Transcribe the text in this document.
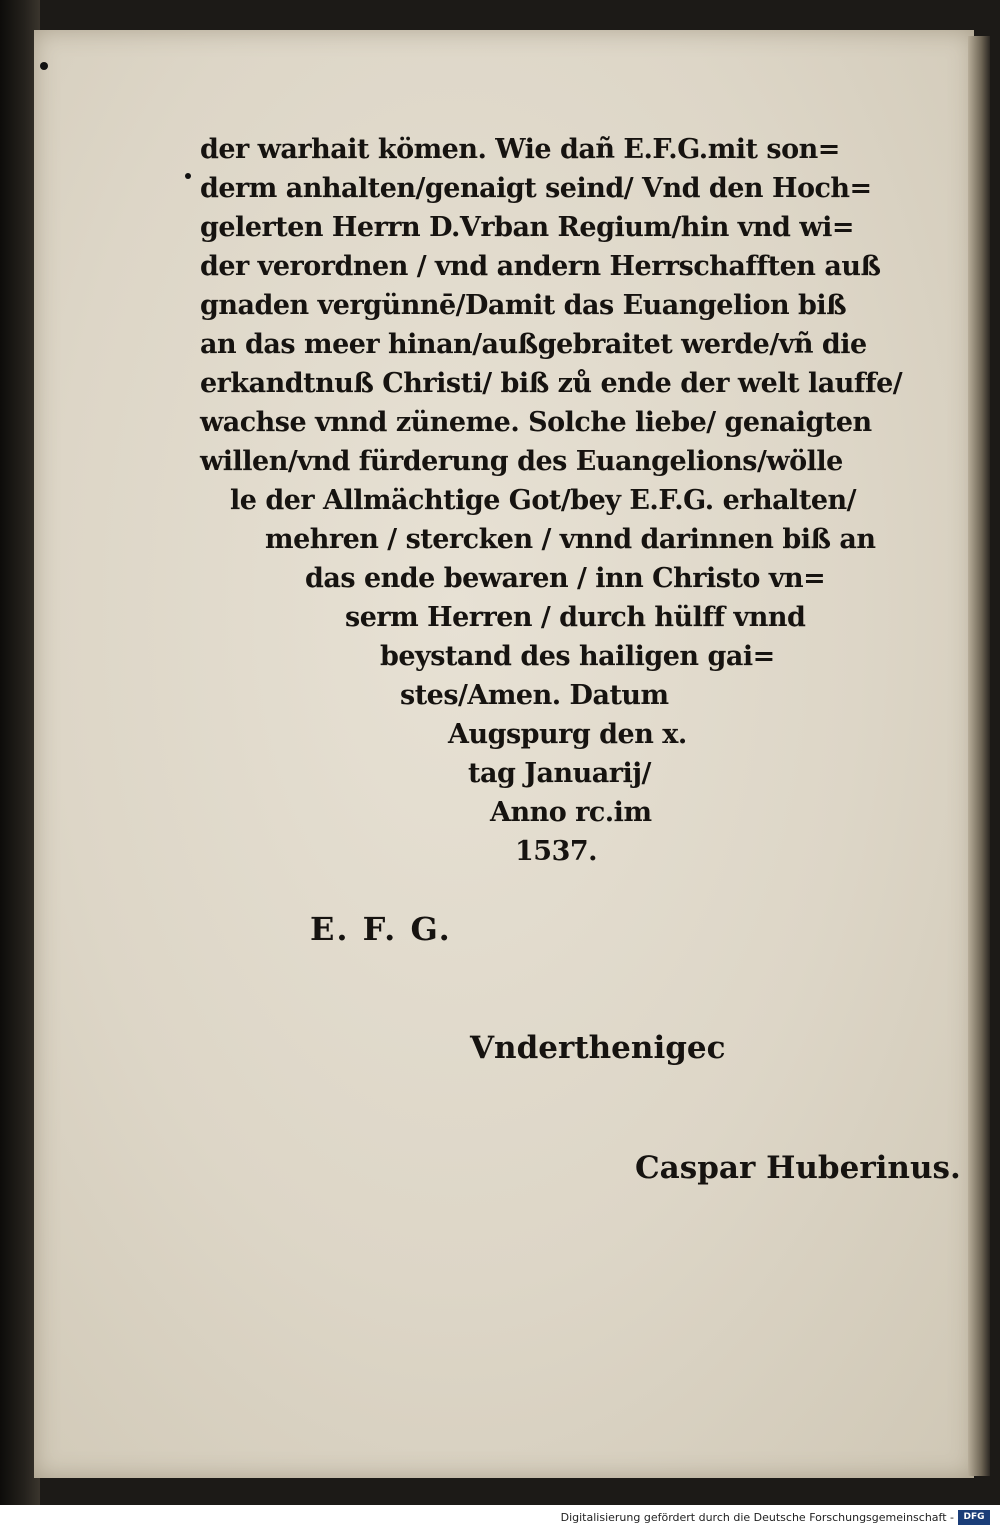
der warhait kömen. Wie dañ E.F.G.mit son=
derm anhalten/genaigt seind/ Vnd den Hoch=
gelerten Herrn D.Vrban Regium/hin vnd wi=
der verordnen / vnd andern Herrschafften auß
gnaden vergünnē/Damit das Euangelion biß
an das meer hinan/außgebraitet werde/vñ die
erkandtnuß Christi/ biß zů ende der welt lauffe/
wachse vnnd züneme. Solche liebe/ genaigten
willen/vnd fürderung des Euangelions/wölle
le der Allmächtige Got/bey E.F.G. erhalten/
mehren / stercken / vnnd darinnen biß an
das ende bewaren / inn Christo vn=
serm Herren / durch hülff vnnd
beystand des hailigen gai=
stes/Amen. Datum
Augspurg den x.
tag Januarij/
Anno rc.im
1537.

E. F. G.

Vnderthenigec

Caspar Huberinus.

Digitalisierung gefördert durch die Deutsche Forschungsgemeinschaft -	DFG
